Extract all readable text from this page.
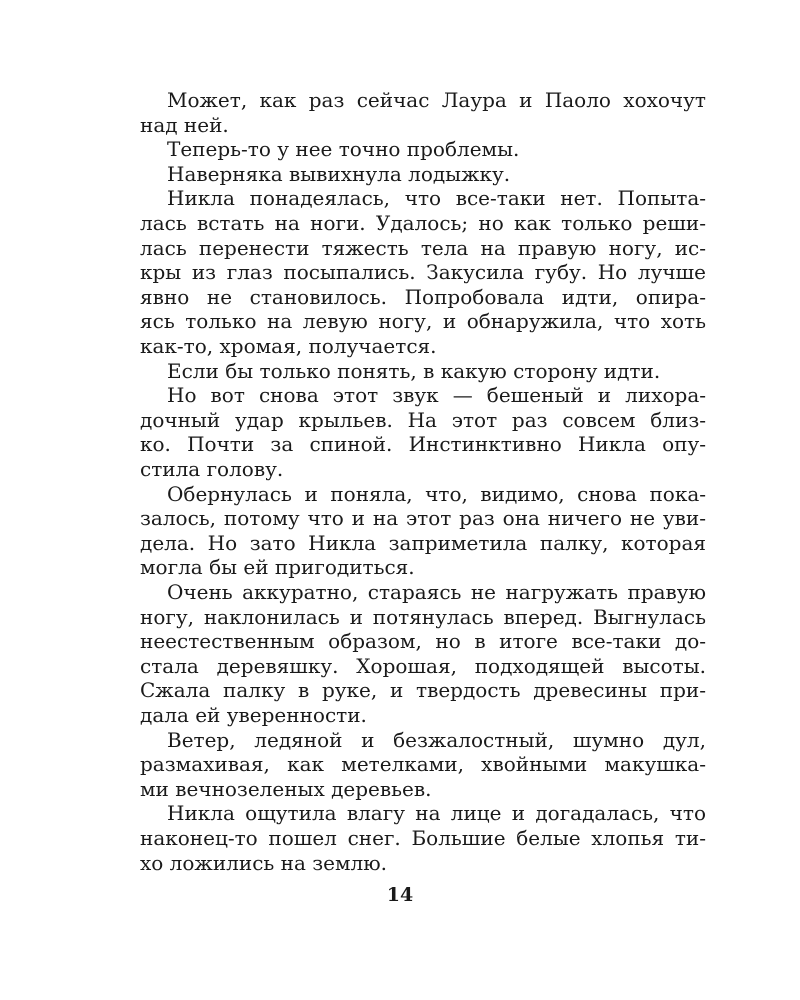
Может, как раз сейчас Лаура и Паоло хохочут
над ней.
Теперь-то у нее точно проблемы.
Наверняка вывихнула лодыжку.
Никла понадеялась, что все-таки нет. Попыта-
лась встать на ноги. Удалось; но как только реши-
лась перенести тяжесть тела на правую ногу, ис-
кры из глаз посыпались. Закусила губу. Но лучше
явно не становилось. Попробовала идти, опира-
ясь только на левую ногу, и обнаружила, что хоть
как-то, хромая, получается.
Если бы только понять, в какую сторону идти.
Но вот снова этот звук — бешеный и лихора-
дочный удар крыльев. На этот раз совсем близ-
ко. Почти за спиной. Инстинктивно Никла опу-
стила голову.
Обернулась и поняла, что, видимо, снова пока-
залось, потому что и на этот раз она ничего не уви-
дела. Но зато Никла заприметила палку, которая
могла бы ей пригодиться.
Очень аккуратно, стараясь не нагружать правую
ногу, наклонилась и потянулась вперед. Выгнулась
неестественным образом, но в итоге все-таки до-
стала деревяшку. Хорошая, подходящей высоты.
Сжала палку в руке, и твердость древесины при-
дала ей уверенности.
Ветер, ледяной и безжалостный, шумно дул,
размахивая, как метелками, хвойными макушка-
ми вечнозеленых деревьев.
Никла ощутила влагу на лице и догадалась, что
наконец-то пошел снег. Большие белые хлопья ти-
хо ложились на землю.
14
